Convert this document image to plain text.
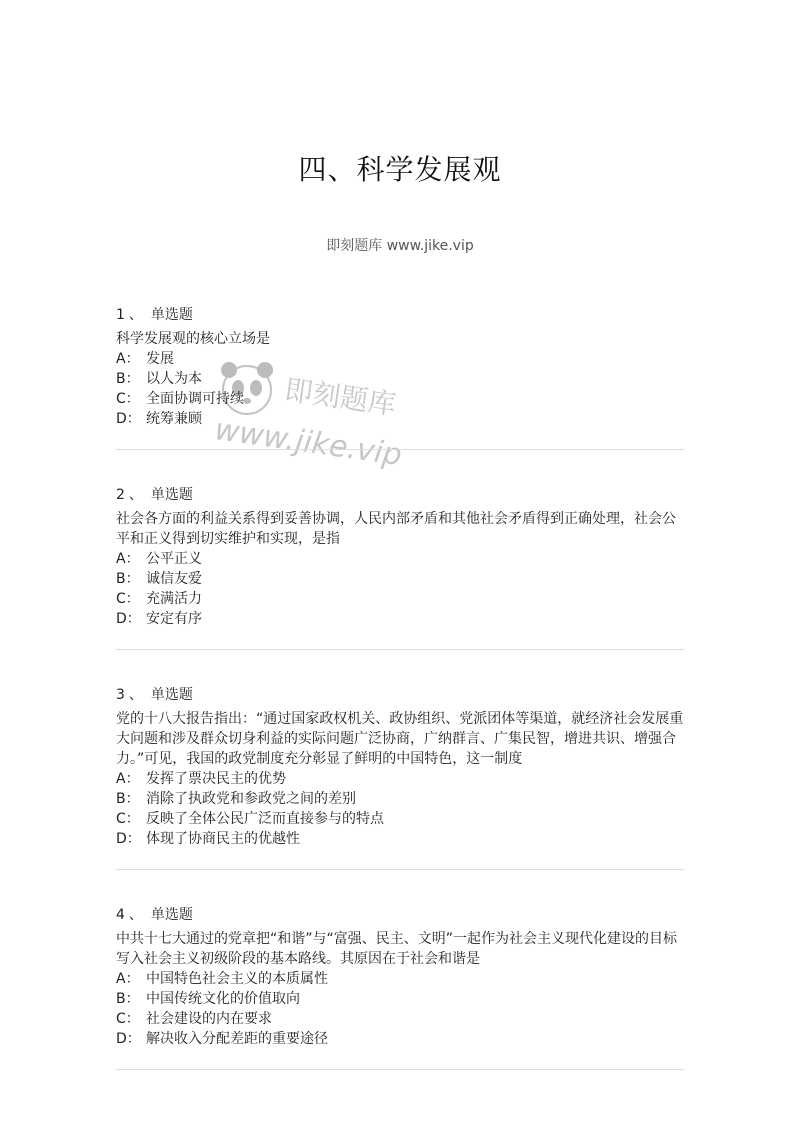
四、科学发展观
即刻题库 www.jike.vip
即刻题库
www.jike.vip
1 、 单选题
科学发展观的核心立场是
A： 发展
B： 以人为本
C： 全面协调可持续
D： 统筹兼顾
2 、 单选题
社会各方面的利益关系得到妥善协调，人民内部矛盾和其他社会矛盾得到正确处理，社会公平和正义得到切实维护和实现，是指
A： 公平正义
B： 诚信友爱
C： 充满活力
D： 安定有序
3 、 单选题
党的十八大报告指出：“通过国家政权机关、政协组织、党派团体等渠道，就经济社会发展重大问题和涉及群众切身利益的实际问题广泛协商，广纳群言、广集民智，增进共识、增强合力。”可见，我国的政党制度充分彰显了鲜明的中国特色，这一制度
A： 发挥了票决民主的优势
B： 消除了执政党和参政党之间的差别
C： 反映了全体公民广泛而直接参与的特点
D： 体现了协商民主的优越性
4 、 单选题
中共十七大通过的党章把“和谐”与“富强、民主、文明”一起作为社会主义现代化建设的目标写入社会主义初级阶段的基本路线。其原因在于社会和谐是
A： 中国特色社会主义的本质属性
B： 中国传统文化的价值取向
C： 社会建设的内在要求
D： 解决收入分配差距的重要途径
